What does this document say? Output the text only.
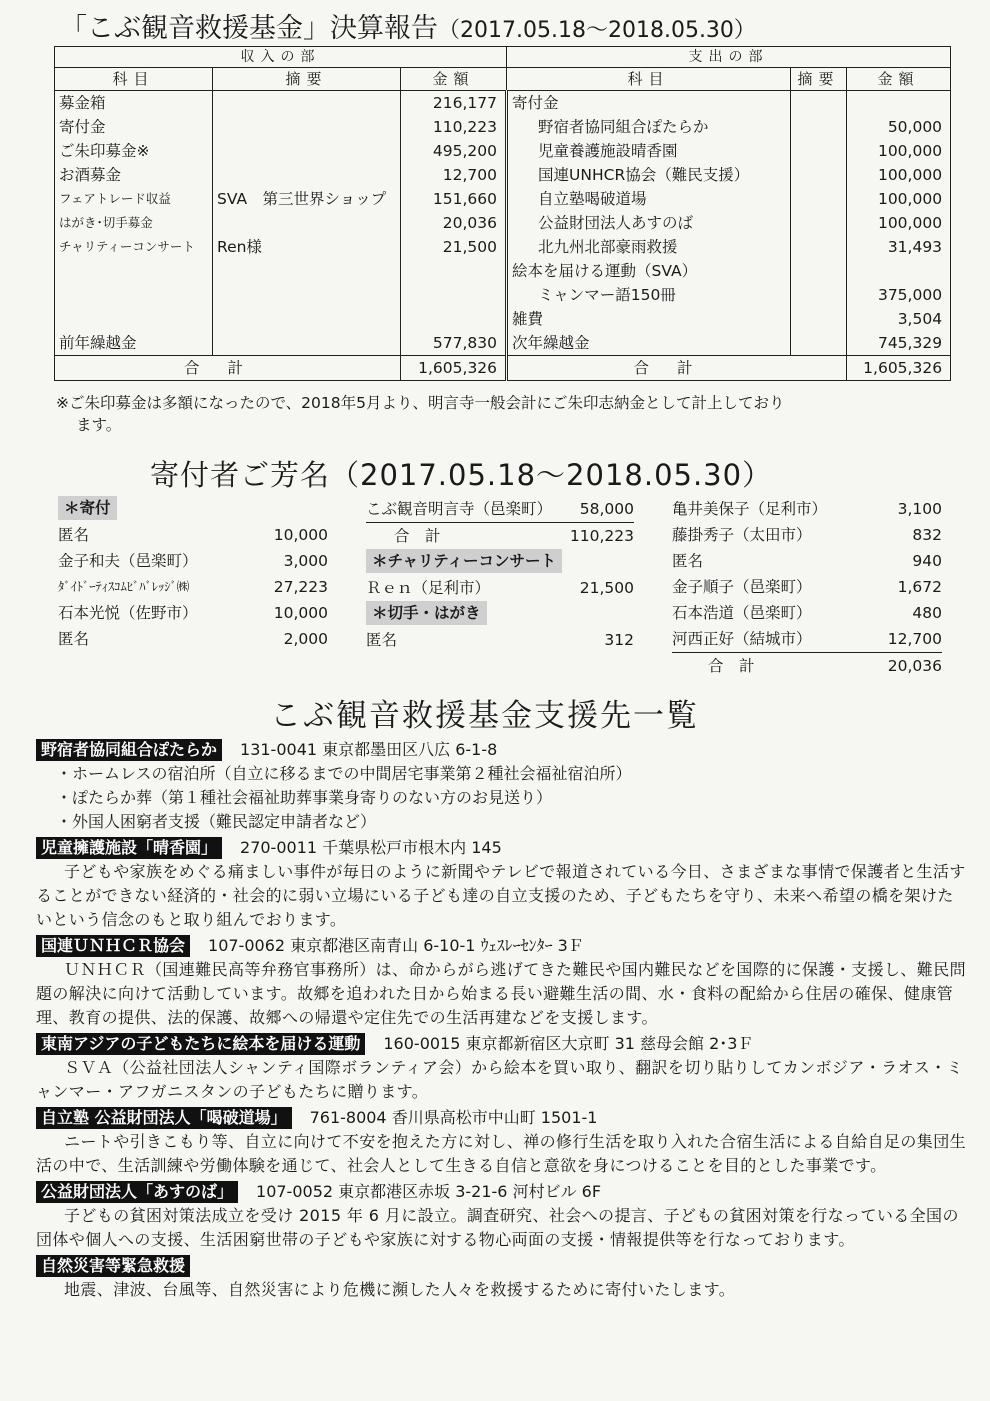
「こぶ観音救援基金」決算報告（2017.05.18〜2018.05.30）
収入の部			支出の部		
科目	摘要	金額	科目	摘要	金額
募金箱		216,177	寄付金		
寄付金		110,223	野宿者協同組合ぽたらか		50,000
ご朱印募金※		495,200	児童養護施設晴香園		100,000
お酒募金		12,700	国連UNHCR協会（難民支援）		100,000
フェアトレード収益	SVA　第三世界ショップ	151,660	自立塾喝破道場		100,000
はがき･切手募金		20,036	公益財団法人あすのば		100,000
チャリティーコンサート	Ren様	21,500	北九州北部豪雨救援		31,493
			絵本を届ける運動（SVA）		
			ミャンマー語150冊		375,000
			雑費		3,504
前年繰越金		577,830	次年繰越金		745,329
合計		1,605,326	合計		1,605,326
※ご朱印募金は多額になったので、2018年5月より、明言寺一般会計にご朱印志納金として計上しており
ます。
寄付者ご芳名（2017.05.18〜2018.05.30）
＊寄付
匿名	10,000
金子和夫（邑楽町）	3,000
ﾀﾞｲﾄﾞｰﾃｨｽｺﾑﾋﾞﾊﾞﾚｯｼﾞ㈱	27,223
石本光悦（佐野市）	10,000
匿名	2,000
こぶ観音明言寺（邑楽町） 58,000
合　計	110,223
＊チャリティーコンサート
Ｒｅｎ（足利市）	21,500
＊切手・はがき
匿名	312
亀井美保子（足利市）	3,100
藤掛秀子（太田市）	832
匿名	940
金子順子（邑楽町）	1,672
石本浩道（邑楽町）	480
河西正好（結城市）	12,700
合　計	20,036
こぶ観音救援基金支援先一覧
野宿者協同組合ぽたらか 131-0041 東京都墨田区八広 6-1-8
・ホームレスの宿泊所（自立に移るまでの中間居宅事業第２種社会福祉宿泊所）
・ぽたらか葬（第１種社会福祉助葬事業身寄りのない方のお見送り）
・外国人困窮者支援（難民認定申請者など）
児童擁護施設「晴香園」 270-0011 千葉県松戸市根木内 145

子どもや家族をめぐる痛ましい事件が毎日のように新聞やテレビで報道されている今日、さまざまな事情で保護者と生活することができない経済的・社会的に弱い立場にいる子ども達の自立支援のため、子どもたちを守り、未来へ希望の橋を架けたいという信念のもと取り組んでおります。

国連ＵＮＨＣＲ協会 107-0062 東京都港区南青山 6-10-1 ｳｪｽﾚｰｾﾝﾀｰ 3Ｆ

ＵＮＨＣＲ（国連難民高等弁務官事務所）は、命からがら逃げてきた難民や国内難民などを国際的に保護・支援し、難民問題の解決に向けて活動しています。故郷を追われた日から始まる長い避難生活の間、水・食料の配給から住居の確保、健康管理、教育の提供、法的保護、故郷への帰還や定住先での生活再建などを支援します。

東南アジアの子どもたちに絵本を届ける運動 160-0015 東京都新宿区大京町 31 慈母会館 2･3Ｆ

ＳＶＡ（公益社団法人シャンティ国際ボランティア会）から絵本を買い取り、翻訳を切り貼りしてカンボジア・ラオス・ミャンマー・アフガニスタンの子どもたちに贈ります。

自立塾 公益財団法人「喝破道場」 761-8004 香川県高松市中山町 1501-1

ニートや引きこもり等、自立に向けて不安を抱えた方に対し、禅の修行生活を取り入れた合宿生活による自給自足の集団生活の中で、生活訓練や労働体験を通じて、社会人として生きる自信と意欲を身につけることを目的とした事業です。

公益財団法人「あすのば」 107-0052 東京都港区赤坂 3-21-6 河村ビル 6F

子どもの貧困対策法成立を受け 2015 年 6 月に設立。調査研究、社会への提言、子どもの貧困対策を行なっている全国の団体や個人への支援、生活困窮世帯の子どもや家族に対する物心両面の支援・情報提供等を行なっております。

自然災害等緊急救援

地震、津波、台風等、自然災害により危機に瀕した人々を救援するために寄付いたします。
